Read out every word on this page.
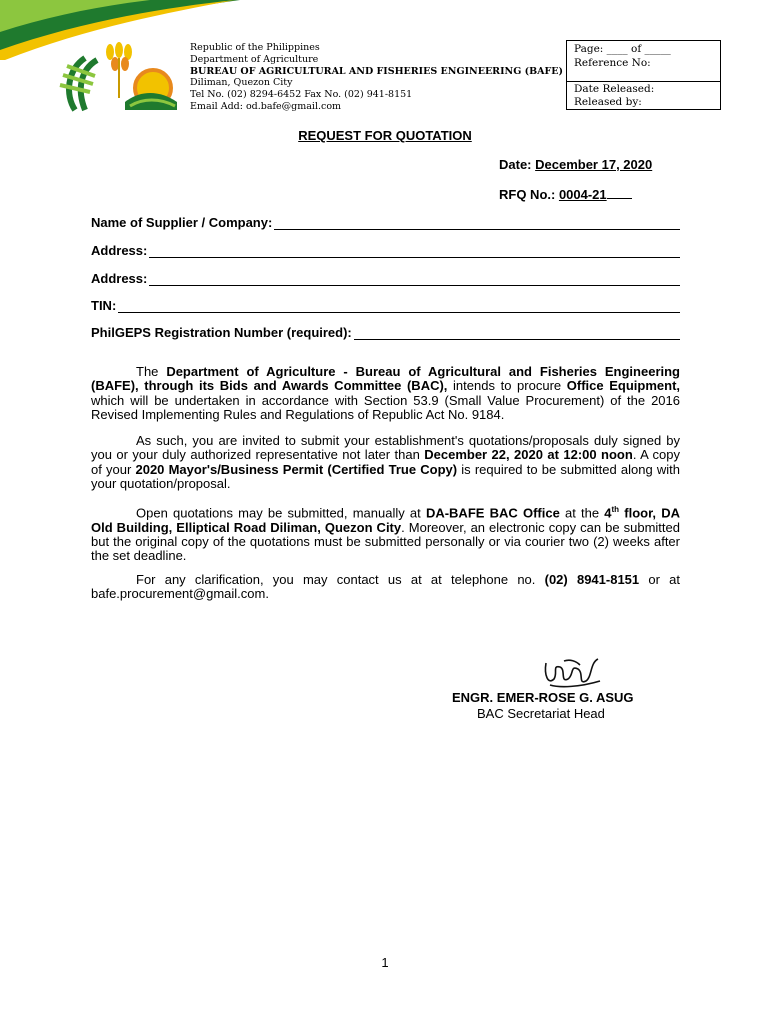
Republic of the Philippines
Department of Agriculture
BUREAU OF AGRICULTURAL AND FISHERIES ENGINEERING (BAFE)
Diliman, Quezon City
Tel No. (02) 8294-6452 Fax No. (02) 941-8151
Email Add: od.bafe@gmail.com
Page: ____ of _____
Reference No:
Date Released:
Released by:
REQUEST FOR QUOTATION
Date: December 17, 2020
RFQ No.: 0004-21
Name of Supplier / Company:
Address:
Address:
TIN:
PhilGEPS Registration Number (required):
The Department of Agriculture - Bureau of Agricultural and Fisheries Engineering (BAFE), through its Bids and Awards Committee (BAC), intends to procure Office Equipment, which will be undertaken in accordance with Section 53.9 (Small Value Procurement) of the 2016 Revised Implementing Rules and Regulations of Republic Act No. 9184.
As such, you are invited to submit your establishment's quotations/proposals duly signed by you or your duly authorized representative not later than December 22, 2020 at 12:00 noon. A copy of your 2020 Mayor's/Business Permit (Certified True Copy) is required to be submitted along with your quotation/proposal.
Open quotations may be submitted, manually at DA-BAFE BAC Office at the 4th floor, DA Old Building, Elliptical Road Diliman, Quezon City. Moreover, an electronic copy can be submitted but the original copy of the quotations must be submitted personally or via courier two (2) weeks after the set deadline.
For any clarification, you may contact us at at telephone no. (02) 8941-8151 or at bafe.procurement@gmail.com.
ENGR. EMER-ROSE G. ASUG
BAC Secretariat Head
1
